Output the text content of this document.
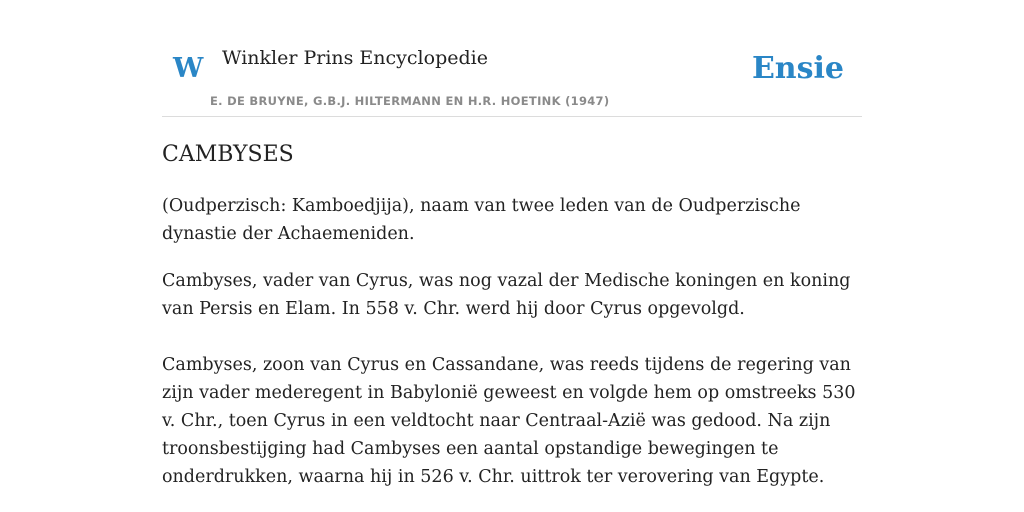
W Winkler Prins Encyclopedie
E. DE BRUYNE, G.B.J. HILTERMANN EN H.R. HOETINK (1947)
Ensie
CAMBYSES

(Oudperzisch: Kamboedjija), naam van twee leden van de Oudperzische dynastie der Achaemeniden.

Cambyses, vader van Cyrus, was nog vazal der Medische koningen en koning van Persis en Elam. In 558 v. Chr. werd hij door Cyrus opgevolgd.

Cambyses, zoon van Cyrus en Cassandane, was reeds tijdens de regering van zijn vader mederegent in Babylonië geweest en volgde hem op omstreeks 530 v. Chr., toen Cyrus in een veldtocht naar Centraal-Azië was gedood. Na zijn troonsbestijging had Cambyses een aantal opstandige bewegingen te onderdrukken, waarna hij in 526 v. Chr. uittrok ter verovering van Egypte.
